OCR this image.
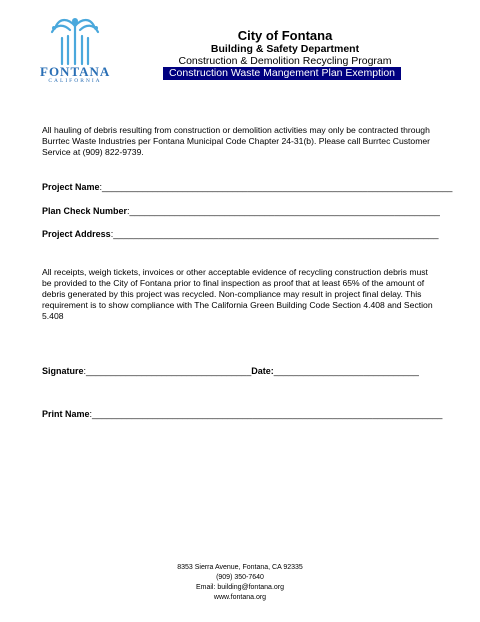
FONTANA
CALIFORNIA
City of Fontana
Building & Safety Department
Construction & Demolition Recycling Program
Construction Waste Mangement Plan Exemption
All hauling of debris resulting from construction or demolition activities may only be contracted through Burrtec Waste Industries per Fontana Municipal Code Chapter 24-31(b). Please call Burrtec Customer Service at (909) 822-9739.
Project Name:______________________________________________________________________
Plan Check Number:______________________________________________________________
Project Address:_________________________________________________________________
All receipts, weigh tickets, invoices or other acceptable evidence of recycling construction debris must be provided to the City of Fontana prior to final inspection as proof that at least 65% of the amount of debris generated by this project was recycled. Non-compliance may result in project final delay. This requirement is to show compliance with The California Green Building Code Section 4.408 and Section 5.408
Signature:_________________________________Date:_____________________________
Print Name:______________________________________________________________________
8353 Sierra Avenue, Fontana, CA 92335
(909) 350-7640
Email: building@fontana.org
www.fontana.org
